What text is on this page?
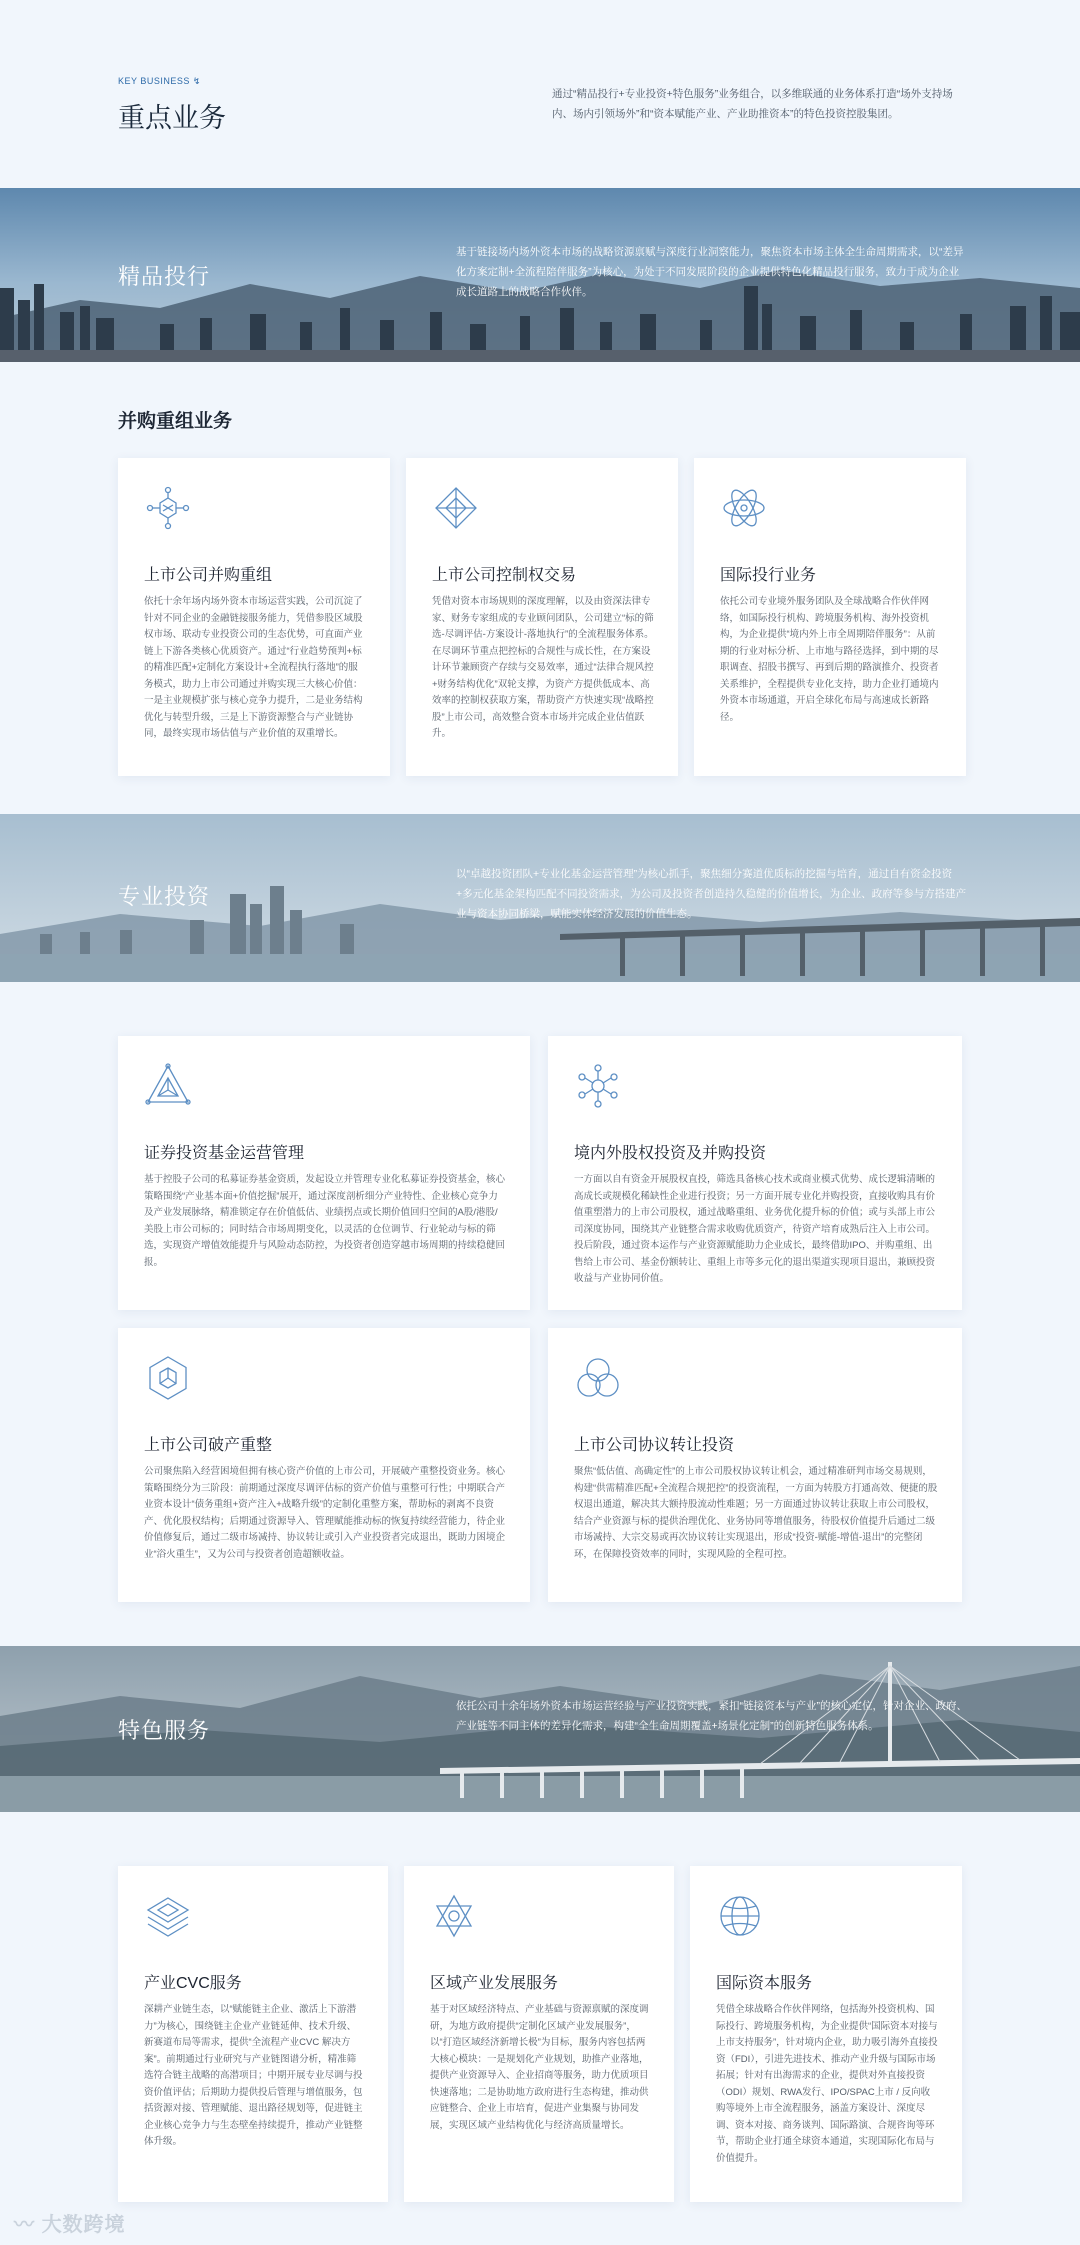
KEY BUSINESS ↯
重点业务

通过“精品投行+专业投资+特色服务”业务组合，以多维联通的业务体系打造“场外支持场内、场内引领场外”和“资本赋能产业、产业助推资本”的特色投资控股集团。

精品投行

基于链接场内场外资本市场的战略资源禀赋与深度行业洞察能力，聚焦资本市场主体全生命周期需求，以“差异化方案定制+全流程陪伴服务”为核心，为处于不同发展阶段的企业提供特色化精品投行服务，致力于成为企业成长道路上的战略合作伙伴。

并购重组业务
上市公司并购重组

依托十余年场内场外资本市场运营实践，公司沉淀了针对不同企业的金融链接服务能力，凭借参股区域股权市场、联动专业投资公司的生态优势，可直面产业链上下游各类核心优质资产。通过“行业趋势预判+标的精准匹配+定制化方案设计+全流程执行落地”的服务模式，助力上市公司通过并购实现三大核心价值：一是主业规模扩张与核心竞争力提升，二是业务结构优化与转型升级，三是上下游资源整合与产业链协同，最终实现市场估值与产业价值的双重增长。

上市公司控制权交易

凭借对资本市场规则的深度理解，以及由资深法律专家、财务专家组成的专业顾问团队，公司建立“标的筛选-尽调评估-方案设计-落地执行”的全流程服务体系。在尽调环节重点把控标的合规性与成长性，在方案设计环节兼顾资产存续与交易效率，通过“法律合规风控+财务结构优化”双轮支撑，为资产方提供低成本、高效率的控制权获取方案，帮助资产方快速实现“战略控股”上市公司，高效整合资本市场并完成企业估值跃升。

国际投行业务

依托公司专业境外服务团队及全球战略合作伙伴网络，如国际投行机构、跨境服务机构、海外投资机构，为企业提供“境内外上市全周期陪伴服务”：从前期的行业对标分析、上市地与路径选择，到中期的尽职调查、招股书撰写、再到后期的路演推介、投资者关系维护，全程提供专业化支持，助力企业打通境内外资本市场通道，开启全球化布局与高速成长新路径。

专业投资

以“卓越投资团队+专业化基金运营管理”为核心抓手，聚焦细分赛道优质标的挖掘与培育，通过自有资金投资+多元化基金架构匹配不同投资需求，为公司及投资者创造持久稳健的价值增长，为企业、政府等参与方搭建产业与资本协同桥梁，赋能实体经济发展的价值生态。

证券投资基金运营管理

基于控股子公司的私募证券基金资质，发起设立并管理专业化私募证券投资基金，核心策略围绕“产业基本面+价值挖掘”展开，通过深度剖析细分产业特性、企业核心竞争力及产业发展脉络，精准锁定存在价值低估、业绩拐点或长期价值回归空间的A股/港股/美股上市公司标的；同时结合市场周期变化，以灵活的仓位调节、行业轮动与标的筛选，实现资产增值效能提升与风险动态防控，为投资者创造穿越市场周期的持续稳健回报。

境内外股权投资及并购投资

一方面以自有资金开展股权直投，筛选具备核心技术或商业模式优势、成长逻辑清晰的高成长或规模化稀缺性企业进行投资；另一方面开展专业化并购投资，直接收购具有价值重塑潜力的上市公司股权，通过战略重组、业务优化提升标的价值；或与头部上市公司深度协同，围绕其产业链整合需求收购优质资产，待资产培育成熟后注入上市公司。投后阶段，通过资本运作与产业资源赋能助力企业成长，最终借助IPO、并购重组、出售给上市公司、基金份额转让、重组上市等多元化的退出渠道实现项目退出，兼顾投资收益与产业协同价值。

上市公司破产重整

公司聚焦陷入经营困境但拥有核心资产价值的上市公司，开展破产重整投资业务。核心策略围绕分为三阶段：前期通过深度尽调评估标的资产价值与重整可行性；中期联合产业资本设计“债务重组+资产注入+战略升级”的定制化重整方案，帮助标的剥离不良资产、优化股权结构；后期通过资源导入、管理赋能推动标的恢复持续经营能力，待企业价值修复后，通过二级市场减持、协议转让或引入产业投资者完成退出，既助力困境企业“浴火重生”，又为公司与投资者创造超额收益。

上市公司协议转让投资

聚焦“低估值、高确定性”的上市公司股权协议转让机会，通过精准研判市场交易规则，构建“供需精准匹配+全流程合规把控”的投资流程，一方面为转股方打通高效、便捷的股权退出通道，解决其大额持股流动性难题；另一方面通过协议转让获取上市公司股权，结合产业资源与标的提供治理优化、业务协同等增值服务，待股权价值提升后通过二级市场减持、大宗交易或再次协议转让实现退出，形成“投资-赋能-增值-退出”的完整闭环，在保障投资效率的同时，实现风险的全程可控。

特色服务

依托公司十余年场外资本市场运营经验与产业投资实践，紧扣“链接资本与产业”的核心定位，针对企业、政府、产业链等不同主体的差异化需求，构建“全生命周期覆盖+场景化定制”的创新特色服务体系。

产业CVC服务

深耕产业链生态，以“赋能链主企业、激活上下游潜力”为核心，围绕链主企业产业链延伸、技术升级、新赛道布局等需求，提供“全流程产业CVC 解决方案”。前期通过行业研究与产业链图谱分析，精准筛选符合链主战略的高潜项目；中期开展专业尽调与投资价值评估；后期助力提供投后管理与增值服务，包括资源对接、管理赋能、退出路径规划等，促进链主企业核心竞争力与生态壁垒持续提升，推动产业链整体升级。

区域产业发展服务

基于对区域经济特点、产业基础与资源禀赋的深度调研，为地方政府提供“定制化区域产业发展服务”，以“打造区域经济新增长极”为目标，服务内容包括两大核心模块：一是规划化产业规划，助推产业落地，提供产业资源导入、企业招商等服务，助力优质项目快速落地；二是协助地方政府进行生态构建，推动供应链整合、企业上市培育，促进产业集聚与协同发展，实现区域产业结构优化与经济高质量增长。

国际资本服务

凭借全球战略合作伙伴网络，包括海外投资机构、国际投行、跨境服务机构，为企业提供“国际资本对接与上市支持服务”，针对境内企业，助力吸引海外直接投资（FDI），引进先进技术、推动产业升级与国际市场拓展；针对有出海需求的企业，提供对外直接投资（ODI）规划、RWA发行、IPO/SPAC上市 / 反向收购等境外上市全流程服务，涵盖方案设计、深度尽调、资本对接、商务谈判、国际路演、合规咨询等环节，帮助企业打通全球资本通道，实现国际化布局与价值提升。

〰 大数跨境
